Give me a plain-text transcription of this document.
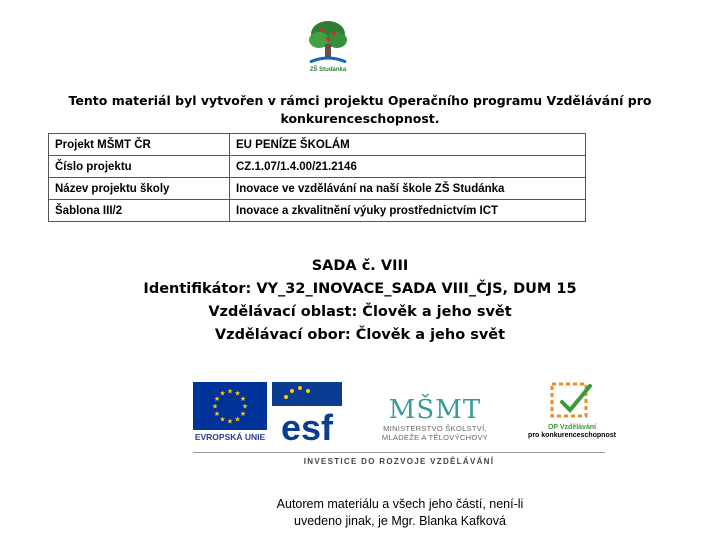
ZŠ Studánka
Tento materiál byl vytvořen v rámci projektu Operačního programu Vzdělávání pro
konkurenceschopnost.
Projekt MŠMT ČR	EU PENÍZE ŠKOLÁM
Číslo projektu	CZ.1.07/1.4.00/21.2146
Název projektu školy	Inovace ve vzdělávání na naší škole ZŠ Studánka
Šablona III/2	Inovace a zkvalitnění výuky prostřednictvím ICT
SADA č. VIII
Identifikátor: VY_32_INOVACE_SADA VIII_ČJS, DUM 15
Vzdělávací oblast: Člověk a jeho svět
Vzdělávací obor: Člověk a jeho svět
★ ★
★
★
★
★
★
★
★
★
★
★
EVROPSKÁ UNIE esf MŠMT
MINISTERSTVO ŠKOLSTVÍ,
MLÁDEŽE A TĚLOVÝCHOVY
OP Vzdělávání
pro konkurenceschopnost
INVESTICE DO ROZVOJE VZDĚLÁVÁNÍ
Autorem materiálu a všech jeho částí, není-li
uvedeno jinak, je Mgr. Blanka Kafková
